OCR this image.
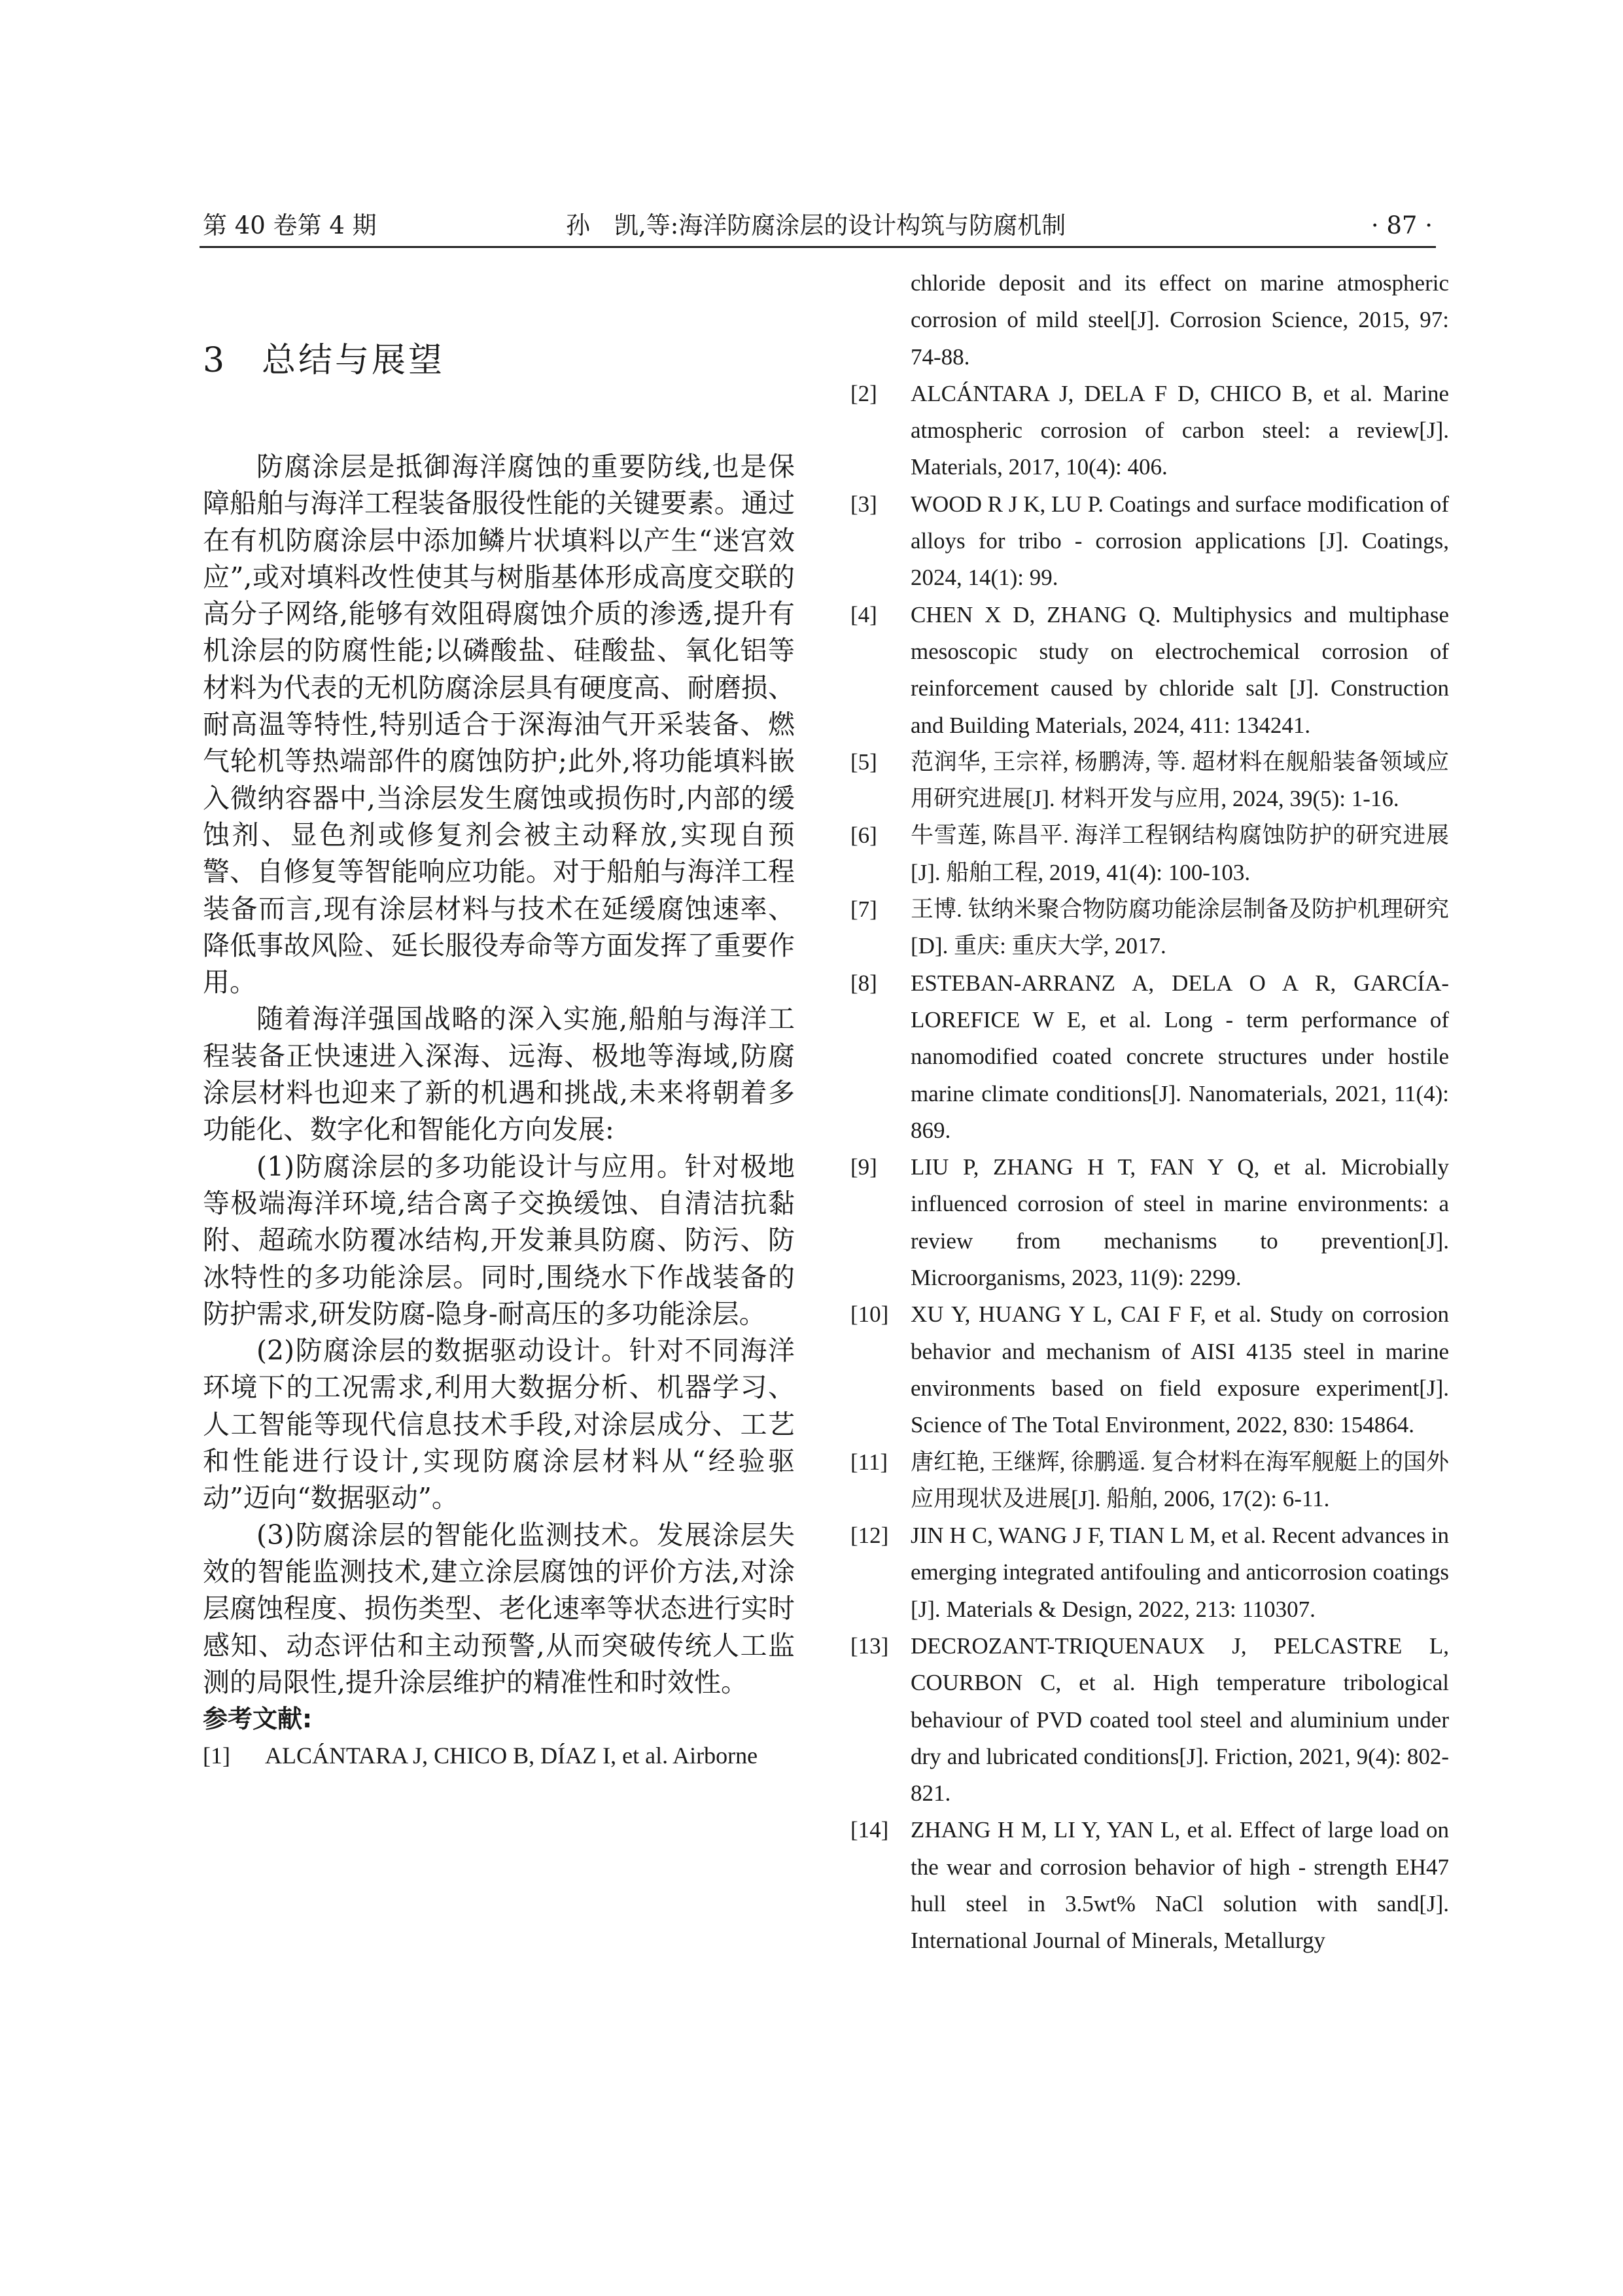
第 40 卷第 4 期	孙　凯,等:海洋防腐涂层的设计构筑与防腐机制	· 87 ·
3 总结与展望

防腐涂层是抵御海洋腐蚀的重要防线,也是保障船舶与海洋工程装备服役性能的关键要素。通过在有机防腐涂层中添加鳞片状填料以产生“迷宫效应”,或对填料改性使其与树脂基体形成高度交联的高分子网络,能够有效阻碍腐蚀介质的渗透,提升有机涂层的防腐性能;以磷酸盐、硅酸盐、氧化铝等材料为代表的无机防腐涂层具有硬度高、耐磨损、耐高温等特性,特别适合于深海油气开采装备、燃气轮机等热端部件的腐蚀防护;此外,将功能填料嵌入微纳容器中,当涂层发生腐蚀或损伤时,内部的缓蚀剂、显色剂或修复剂会被主动释放,实现自预警、自修复等智能响应功能。对于船舶与海洋工程装备而言,现有涂层材料与技术在延缓腐蚀速率、降低事故风险、延长服役寿命等方面发挥了重要作用。

随着海洋强国战略的深入实施,船舶与海洋工程装备正快速进入深海、远海、极地等海域,防腐涂层材料也迎来了新的机遇和挑战,未来将朝着多功能化、数字化和智能化方向发展:

(1)防腐涂层的多功能设计与应用。针对极地等极端海洋环境,结合离子交换缓蚀、自清洁抗黏附、超疏水防覆冰结构,开发兼具防腐、防污、防冰特性的多功能涂层。同时,围绕水下作战装备的防护需求,研发防腐-隐身-耐高压的多功能涂层。

(2)防腐涂层的数据驱动设计。针对不同海洋环境下的工况需求,利用大数据分析、机器学习、人工智能等现代信息技术手段,对涂层成分、工艺和性能进行设计,实现防腐涂层材料从“经验驱动”迈向“数据驱动”。

(3)防腐涂层的智能化监测技术。发展涂层失效的智能监测技术,建立涂层腐蚀的评价方法,对涂层腐蚀程度、损伤类型、老化速率等状态进行实时感知、动态评估和主动预警,从而突破传统人工监测的局限性,提升涂层维护的精准性和时效性。

参考文献:
[1]	ALCÁNTARA J, CHICO B, DÍAZ I, et al. Airborne
chloride deposit and its effect on marine atmospheric corrosion of mild steel[J]. Corrosion Science, 2015, 97: 74-88.
[2]	ALCÁNTARA J, DELA F D, CHICO B, et al. Marine atmospheric corrosion of carbon steel: a review[J]. Materials, 2017, 10(4): 406.
[3]	WOOD R J K, LU P. Coatings and surface modification of alloys for tribo - corrosion applications [J]. Coatings, 2024, 14(1): 99.
[4]	CHEN X D, ZHANG Q. Multiphysics and multiphase mesoscopic study on electrochemical corrosion of reinforcement caused by chloride salt [J]. Construction and Building Materials, 2024, 411: 134241.
[5]	范润华, 王宗祥, 杨鹏涛, 等. 超材料在舰船装备领域应用研究进展[J]. 材料开发与应用, 2024, 39(5): 1-16.
[6]	牛雪莲, 陈昌平. 海洋工程钢结构腐蚀防护的研究进展[J]. 船舶工程, 2019, 41(4): 100-103.
[7]	王博. 钛纳米聚合物防腐功能涂层制备及防护机理研究[D]. 重庆: 重庆大学, 2017.
[8]	ESTEBAN-ARRANZ A, DELA O A R, GARCÍA-LOREFICE W E, et al. Long - term performance of nanomodified coated concrete structures under hostile marine climate conditions[J]. Nanomaterials, 2021, 11(4): 869.
[9]	LIU P, ZHANG H T, FAN Y Q, et al. Microbially influenced corrosion of steel in marine environments: a review from mechanisms to prevention[J]. Microorganisms, 2023, 11(9): 2299.
[10] XU Y, HUANG Y L, CAI F F, et al. Study on corrosion behavior and mechanism of AISI 4135 steel in marine environments based on field exposure experiment[J]. Science of The Total Environment, 2022, 830: 154864.
[11] 唐红艳, 王继辉, 徐鹏遥. 复合材料在海军舰艇上的国外应用现状及进展[J]. 船舶, 2006, 17(2): 6-11.
[12] JIN H C, WANG J F, TIAN L M, et al. Recent advances in emerging integrated antifouling and anticorrosion coatings [J]. Materials & Design, 2022, 213: 110307.
[13] DECROZANT-TRIQUENAUX J, PELCASTRE L, COURBON C, et al. High temperature tribological behaviour of PVD coated tool steel and aluminium under dry and lubricated conditions[J]. Friction, 2021, 9(4): 802-821.
[14] ZHANG H M, LI Y, YAN L, et al. Effect of large load on the wear and corrosion behavior of high - strength EH47 hull steel in 3.5wt% NaCl solution with sand[J]. International Journal of Minerals, Metallurgy
